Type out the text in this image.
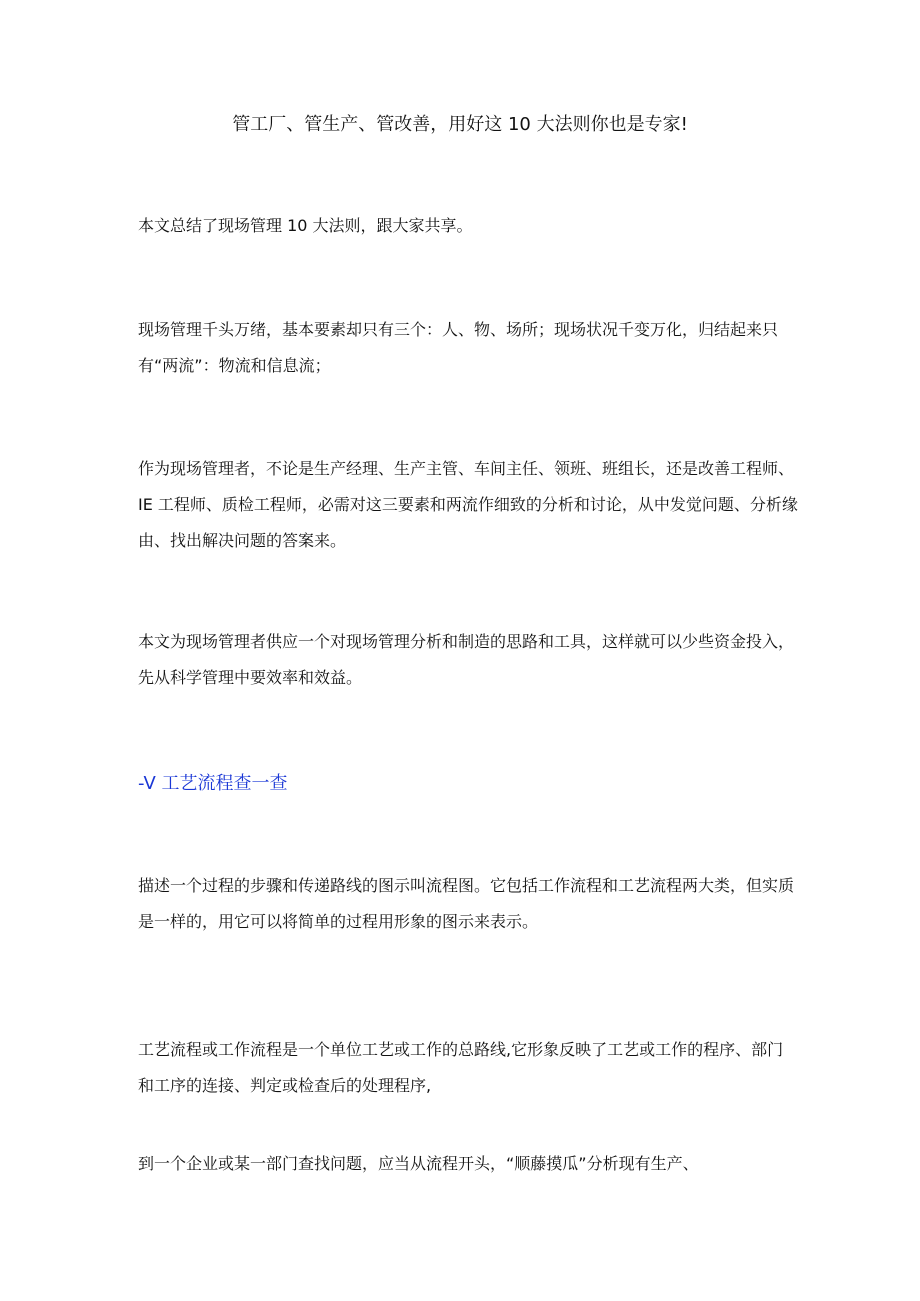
管工厂、管生产、管改善，用好这 10 大法则你也是专家!

本文总结了现场管理 10 大法则，跟大家共享。

现场管理千头万绪，基本要素却只有三个：人、物、场所；现场状况千变万化，归结起来只有“两流”：物流和信息流；

作为现场管理者，不论是生产经理、生产主管、车间主任、领班、班组长，还是改善工程师、IE 工程师、质检工程师，必需对这三要素和两流作细致的分析和讨论，从中发觉问题、分析缘由、找出解决问题的答案来。

本文为现场管理者供应一个对现场管理分析和制造的思路和工具，这样就可以少些资金投入，先从科学管理中要效率和效益。

-V 工艺流程查一查

描述一个过程的步骤和传递路线的图示叫流程图。它包括工作流程和工艺流程两大类，但实质是一样的，用它可以将简单的过程用形象的图示来表示。

工艺流程或工作流程是一个单位工艺或工作的总路线,它形象反映了工艺或工作的程序、部门和工序的连接、判定或检查后的处理程序,

到一个企业或某一部门查找问题，应当从流程开头，“顺藤摸瓜”分析现有生产、
